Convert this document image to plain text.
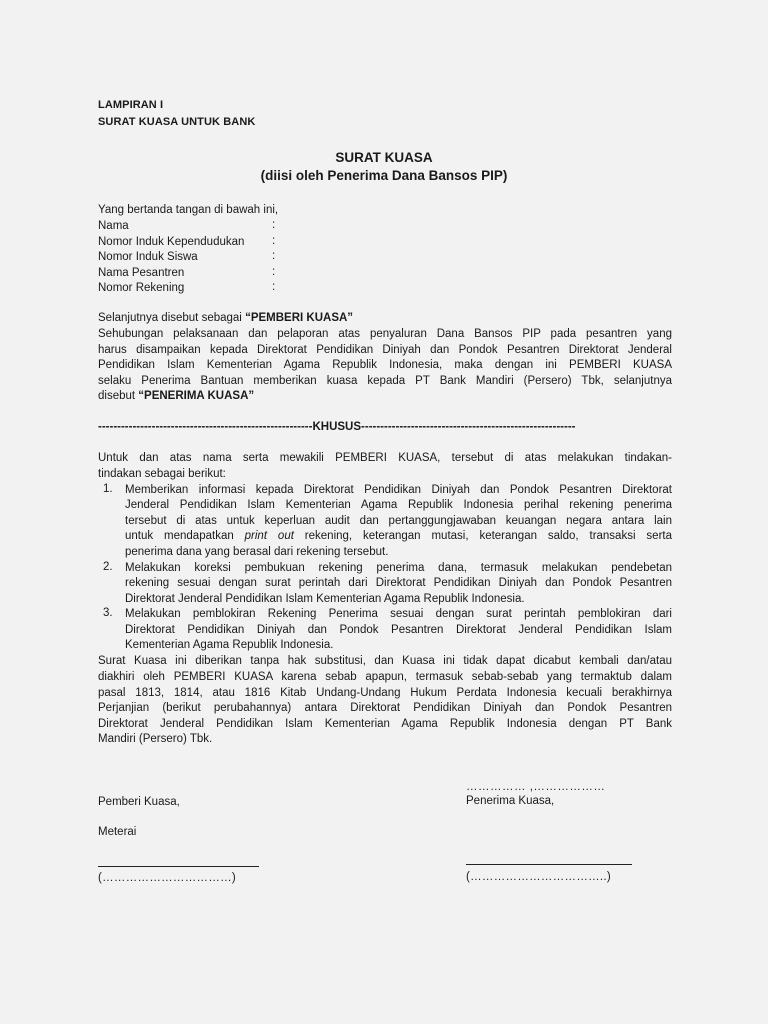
LAMPIRAN I
SURAT KUASA UNTUK BANK
SURAT KUASA
(diisi oleh Penerima Dana Bansos PIP)
Yang bertanda tangan di bawah ini,
Nama	:
Nomor Induk Kependudukan :
Nomor Induk Siswa	:
Nama Pesantren	:
Nomor Rekening	:
Selanjutnya disebut sebagai “PEMBERI KUASA”
Sehubungan pelaksanaan dan pelaporan atas penyaluran Dana Bansos PIP pada pesantren yang
harus disampaikan kepada Direktorat Pendidikan Diniyah dan Pondok Pesantren Direktorat Jenderal
Pendidikan Islam Kementerian Agama Republik Indonesia, maka dengan ini PEMBERI KUASA
selaku Penerima Bantuan memberikan kuasa kepada PT Bank Mandiri (Persero) Tbk, selanjutnya
disebut “PENERIMA KUASA”
--------------------------------------------------------KHUSUS--------------------------------------------------------
Untuk dan atas nama serta mewakili PEMBERI KUASA, tersebut di atas melakukan tindakan-
tindakan sebagai berikut:
1. Memberikan informasi kepada Direktorat Pendidikan Diniyah dan Pondok Pesantren Direktorat
Jenderal Pendidikan Islam Kementerian Agama Republik Indonesia perihal rekening penerima
tersebut di atas untuk keperluan audit dan pertanggungjawaban keuangan negara antara lain
untuk mendapatkan print out rekening, keterangan mutasi, keterangan saldo, transaksi serta
penerima dana yang berasal dari rekening tersebut.
2. Melakukan koreksi pembukuan rekening penerima dana, termasuk melakukan pendebetan
rekening sesuai dengan surat perintah dari Direktorat Pendidikan Diniyah dan Pondok Pesantren
Direktorat Jenderal Pendidikan Islam Kementerian Agama Republik Indonesia.
3. Melakukan pemblokiran Rekening Penerima sesuai dengan surat perintah pemblokiran dari
Direktorat Pendidikan Diniyah dan Pondok Pesantren Direktorat Jenderal Pendidikan Islam
Kementerian Agama Republik Indonesia.
Surat Kuasa ini diberikan tanpa hak substitusi, dan Kuasa ini tidak dapat dicabut kembali dan/atau
diakhiri oleh PEMBERI KUASA karena sebab apapun, termasuk sebab-sebab yang termaktub dalam
pasal 1813, 1814, atau 1816 Kitab Undang-Undang Hukum Perdata Indonesia kecuali berakhirnya
Perjanjian (berikut perubahannya) antara Direktorat Pendidikan Diniyah dan Pondok Pesantren
Direktorat Jenderal Pendidikan Islam Kementerian Agama Republik Indonesia dengan PT Bank
Mandiri (Persero) Tbk.
…………… ,………………
Pemberi Kuasa,	Penerima Kuasa,
Meterai
(……………………………)	(……………………………..)
